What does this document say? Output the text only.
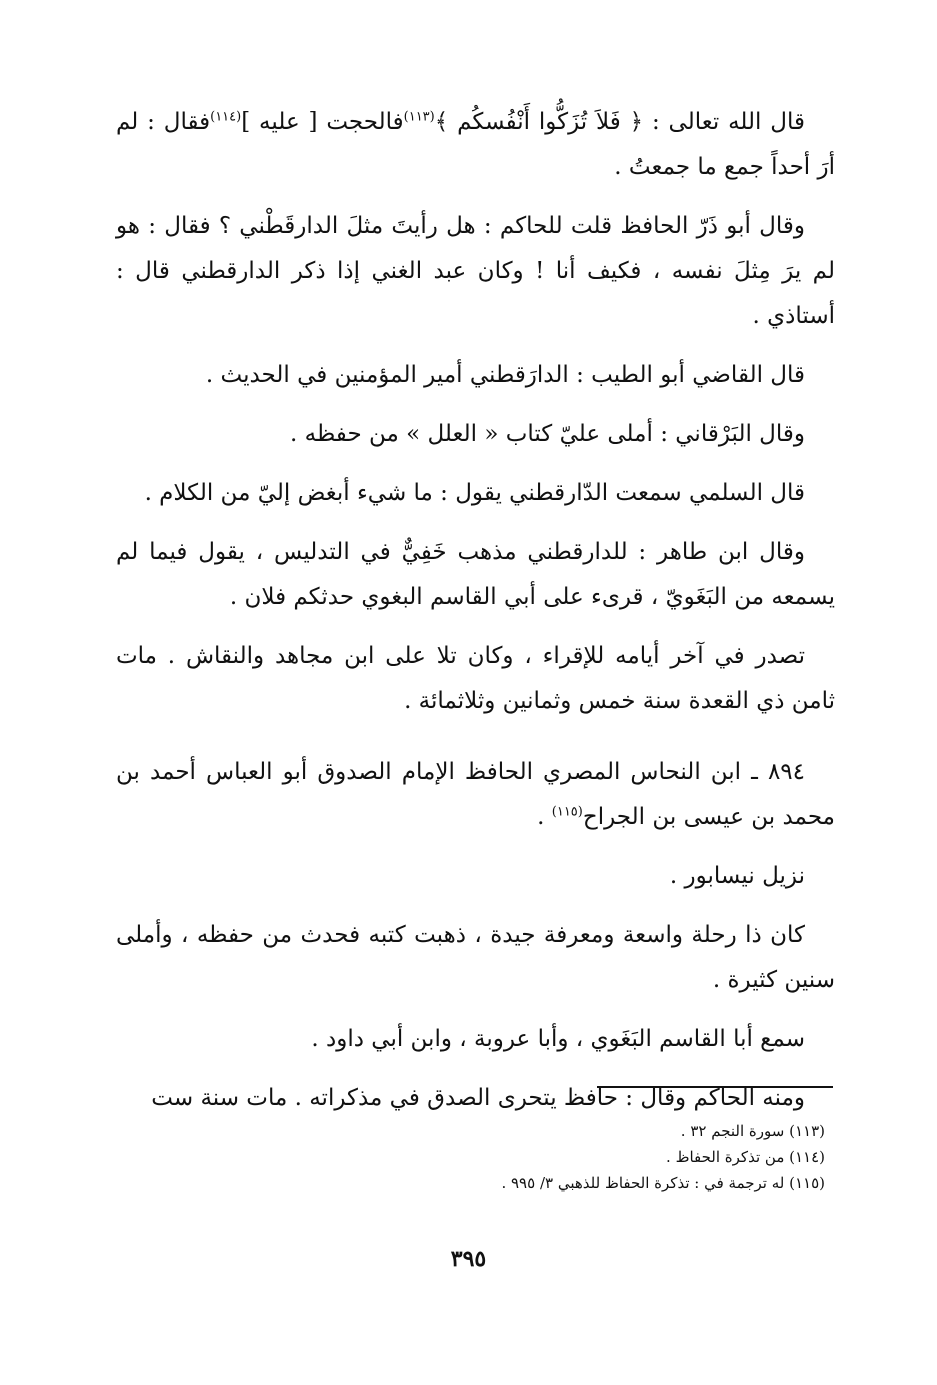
قال الله تعالى : ﴿ فَلاَ تُزَكُّوا أَنْفُسكُم ﴾$^{(١١٣)}$فالحجت [ عليه ]$^{(١١٤)}$فقال : لم أرَ أحداً جمع ما جمعتُ .

وقال أبو ذَرّ الحافظ قلت للحاكم : هل رأيتَ مثلَ الدارقَطْني ؟ فقال : هو لم يرَ مِثلَ نفسه ، فكيف أنا ! وكان عبد الغني إذا ذكر الدارقطني قال : أستاذي .

قال القاضي أبو الطيب : الدارَقطني أمير المؤمنين في الحديث .

وقال البَرْقاني : أملى عليّ كتاب « العلل » من حفظه .

قال السلمي سمعت الدّارقطني يقول : ما شيء أبغض إليّ من الكلام .

وقال ابن طاهر : للدارقطني مذهب خَفِيٌّ في التدليس ، يقول فيما لم يسمعه من البَغَويّ ، قرىء على أبي القاسم البغوي حدثكم فلان .

تصدر في آخر أيامه للإقراء ، وكان تلا على ابن مجاهد والنقاش . مات ثامن ذي القعدة سنة خمس وثمانين وثلاثمائة .

٨٩٤ ـ ابن النحاس المصري الحافظ الإمام الصدوق أبو العباس أحمد بن محمد بن عيسى بن الجراح$^{(١١٥)}$ .

نزيل نيسابور .

كان ذا رحلة واسعة ومعرفة جيدة ، ذهبت كتبه فحدث من حفظه ، وأملى سنين كثيرة .

سمع أبا القاسم البَغَوي ، وأبا عروبة ، وابن أبي داود .

ومنه الحاكم وقال : حافظ يتحرى الصدق في مذكراته . مات سنة ست

(١١٣) سورة النجم ٣٢ .

(١١٤) من تذكرة الحفاظ .

(١١٥) له ترجمة في : تذكرة الحفاظ للذهبي ٣/ ٩٩٥ .

٣٩٥
